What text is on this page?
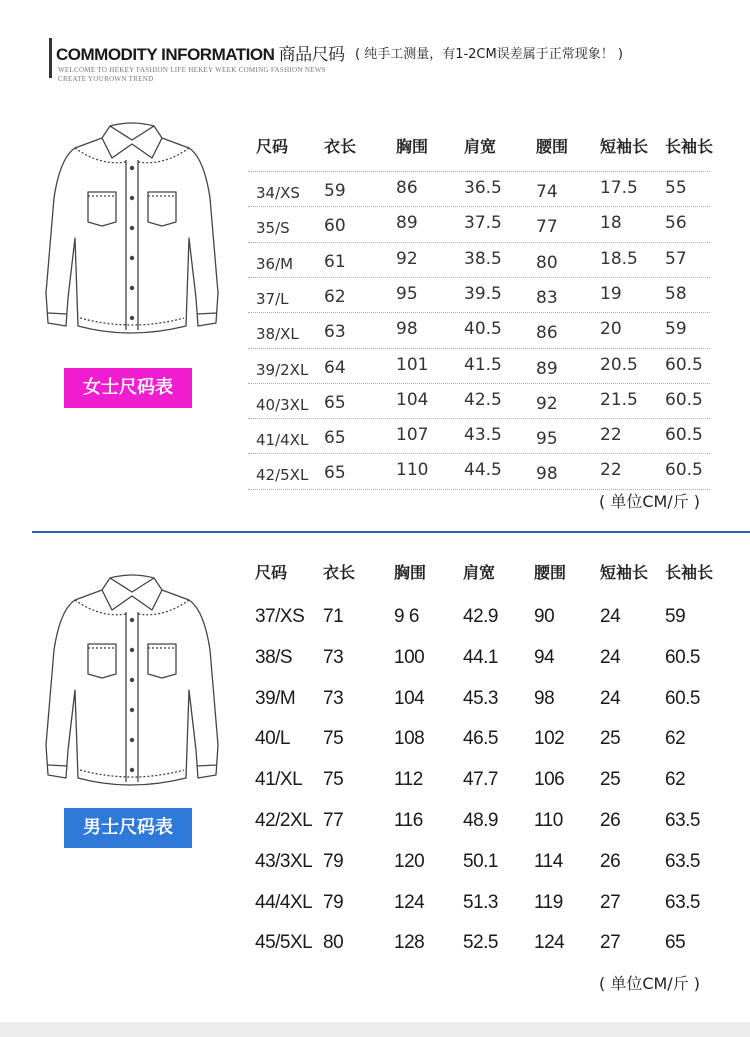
COMMODITY INFORMATION 商品尺码 ( 纯手工测量，有1-2CM误差属于正常现象！ )
WELCOME TO HEKEY FASHION LIFE HEKEY WEEK COMING FASHION NEWS
CREATE YOUROWN TREND
女士尺码表
尺码 衣长 胸围 肩宽 腰围 短袖长 长袖长
34/XS 59	86	36.5 74 17.5 55
35/S 60	89	37.5 77 18	56
36/M 61	92	38.5 80 18.5 57
37/L 62	95	39.5 83 19	58
38/XL 63	98	40.5 86 20	59
39/2XL 64	101 41.5 89 20.5 60.5
40/3XL 65	104 42.5 92 21.5 60.5
41/4XL 65	107 43.5 95 22	60.5
42/5XL 65	110 44.5 98 22	60.5
( 单位CM/斤 )
男士尺码表
尺码 衣长 胸围 肩宽 腰围 短袖长 长袖长
37/XS 71	9 6 42.9 90 24 59
38/S 73	100 44.1 94 24 60.5
39/M 73	104 45.3 98 24 60.5
40/L 75	108 46.5 102 25 62
41/XL 75	112 47.7 106 25 62
42/2XL 77	116 48.9 110 26 63.5
43/3XL 79	120 50.1 114 26 63.5
44/4XL 79	124 51.3 119 27 63.5
45/5XL 80	128 52.5 124 27 65
( 单位CM/斤 )
